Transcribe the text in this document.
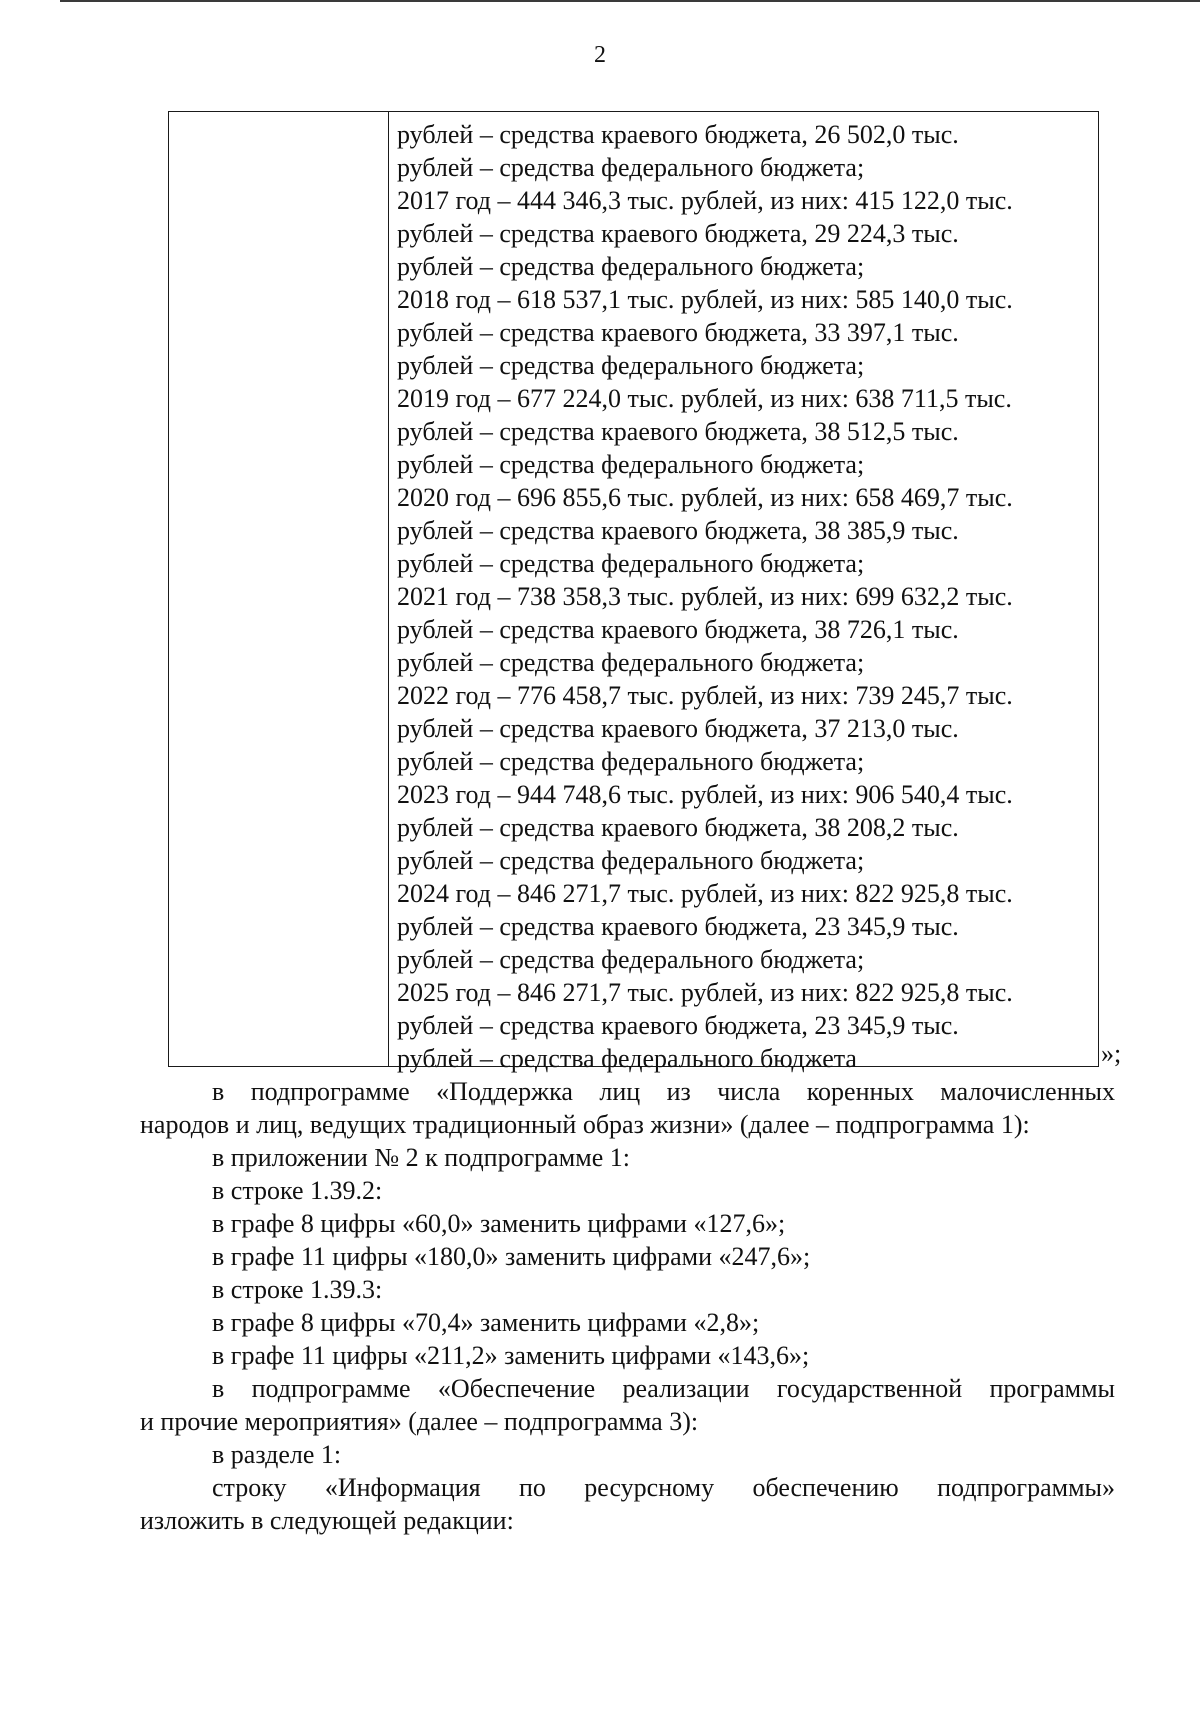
2
рублей – средства краевого бюджета, 26 502,0 тыс.
рублей – средства федерального бюджета;
2017 год – 444 346,3 тыс. рублей, из них: 415 122,0 тыс.
рублей – средства краевого бюджета, 29 224,3 тыс.
рублей – средства федерального бюджета;
2018 год – 618 537,1 тыс. рублей, из них: 585 140,0 тыс.
рублей – средства краевого бюджета, 33 397,1 тыс.
рублей – средства федерального бюджета;
2019 год – 677 224,0 тыс. рублей, из них: 638 711,5 тыс.
рублей – средства краевого бюджета, 38 512,5 тыс.
рублей – средства федерального бюджета;
2020 год – 696 855,6 тыс. рублей, из них: 658 469,7 тыс.
рублей – средства краевого бюджета, 38 385,9 тыс.
рублей – средства федерального бюджета;
2021 год – 738 358,3 тыс. рублей, из них: 699 632,2 тыс.
рублей – средства краевого бюджета, 38 726,1 тыс.
рублей – средства федерального бюджета;
2022 год – 776 458,7 тыс. рублей, из них: 739 245,7 тыс.
рублей – средства краевого бюджета, 37 213,0 тыс.
рублей – средства федерального бюджета;
2023 год – 944 748,6 тыс. рублей, из них: 906 540,4 тыс.
рублей – средства краевого бюджета, 38 208,2 тыс.
рублей – средства федерального бюджета;
2024 год – 846 271,7 тыс. рублей, из них: 822 925,8 тыс.
рублей – средства краевого бюджета, 23 345,9 тыс.
рублей – средства федерального бюджета;
2025 год – 846 271,7 тыс. рублей, из них: 822 925,8 тыс.
рублей – средства краевого бюджета, 23 345,9 тыс.
рублей – средства федерального бюджета	»;

в подпрограмме «Поддержка лиц из числа коренных малочисленных

народов и лиц, ведущих традиционный образ жизни» (далее – подпрограмма 1):

в приложении № 2 к подпрограмме 1:

в строке 1.39.2:

в графе 8 цифры «60,0» заменить цифрами «127,6»;

в графе 11 цифры «180,0» заменить цифрами «247,6»;

в строке 1.39.3:

в графе 8 цифры «70,4» заменить цифрами «2,8»;

в графе 11 цифры «211,2» заменить цифрами «143,6»;

в подпрограмме «Обеспечение реализации государственной программы

и прочие мероприятия» (далее – подпрограмма 3):

в разделе 1:

строку «Информация по ресурсному обеспечению подпрограммы»

изложить в следующей редакции:
